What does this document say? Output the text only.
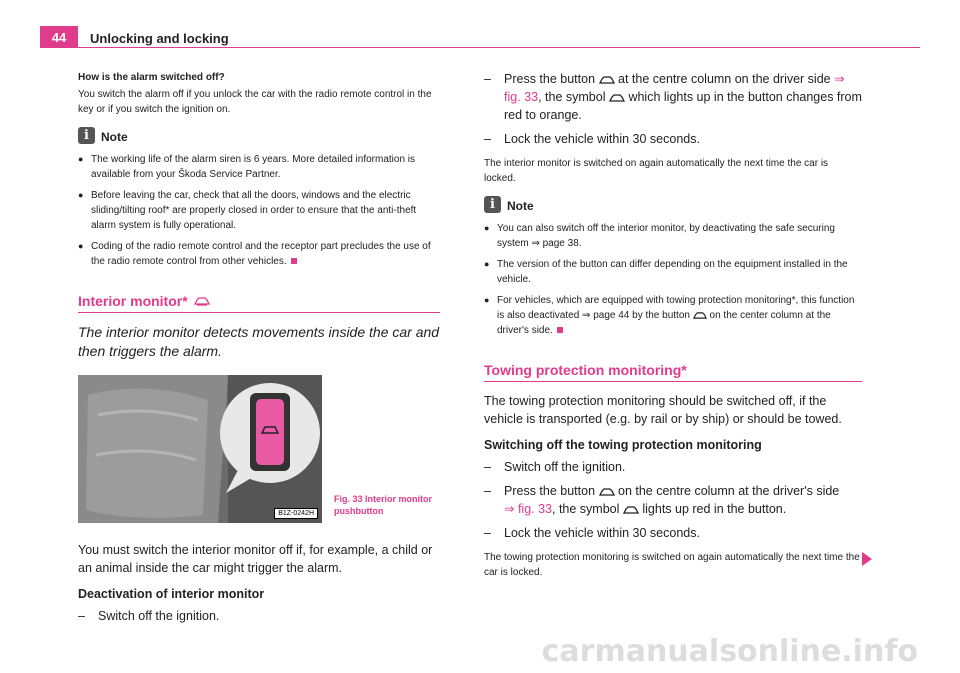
44	Unlocking and locking
How is the alarm switched off?
You switch the alarm off if you unlock the car with the radio remote control in the key or if you switch the ignition on.
i	Note
● The working life of the alarm siren is 6 years. More detailed information is available from your Škoda Service Partner.
● Before leaving the car, check that all the doors, windows and the electric sliding/tilting roof* are properly closed in order to ensure that the anti-theft alarm system is fully operational.
● Coding of the radio remote control and the receptor part precludes the use of the radio remote control from other vehicles.
Interior monitor*
The interior monitor detects movements inside the car and then triggers the alarm.
B1Z-0242H
Fig. 33 Interior monitor
pushbutton
You must switch the interior monitor off if, for example, a child or an animal inside the car might trigger the alarm.
Deactivation of interior monitor
–	Switch off the ignition.
–	Press the button at the centre column on the driver side ⇒ fig. 33, the symbol which lights up in the button changes from red to orange.
–	Lock the vehicle within 30 seconds.
The interior monitor is switched on again automatically the next time the car is locked.
i	Note
● You can also switch off the interior monitor, by deactivating the safe securing system ⇒ page 38.
● The version of the button can differ depending on the equipment installed in the vehicle.
● For vehicles, which are equipped with towing protection monitoring*, this function is also deactivated ⇒ page 44 by the button on the center column at the driver's side.
Towing protection monitoring*
The towing protection monitoring should be switched off, if the vehicle is transported (e.g. by rail or by ship) or should be towed.
Switching off the towing protection monitoring
–	Switch off the ignition.
–	Press the button on the centre column at the driver's side
⇒ fig. 33, the symbol lights up red in the button.
–	Lock the vehicle within 30 seconds.
The towing protection monitoring is switched on again automatically the next time the car is locked.
carmanualsonline.info
